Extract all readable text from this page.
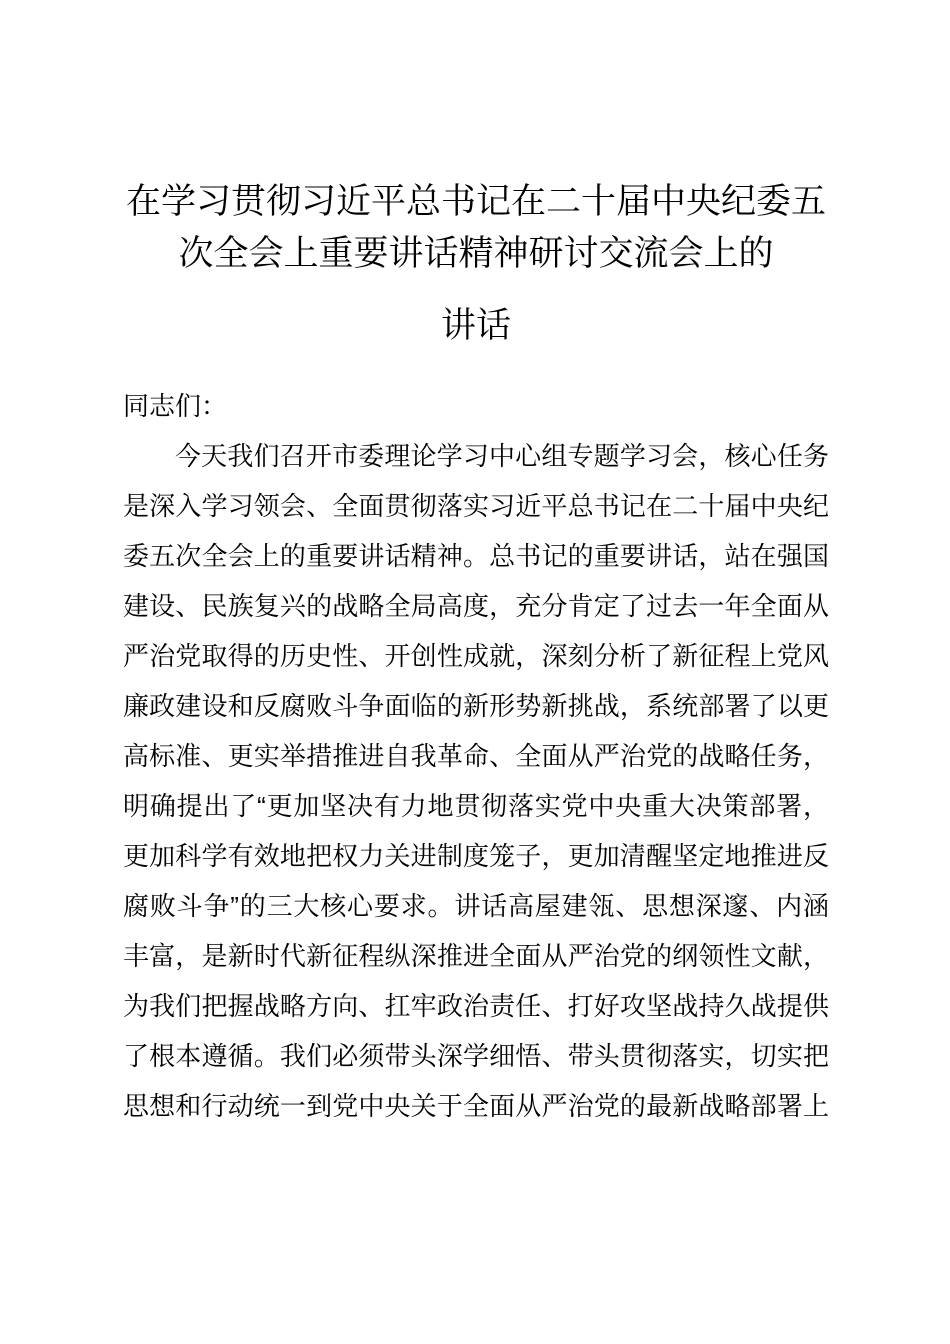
在学习贯彻习近平总书记在二十届中央纪委五
次全会上重要讲话精神研讨交流会上的
讲话
同志们：
今天我们召开市委理论学习中心组专题学习会，核心任务
是深入学习领会、全面贯彻落实习近平总书记在二十届中央纪
委五次全会上的重要讲话精神。总书记的重要讲话，站在强国
建设、民族复兴的战略全局高度，充分肯定了过去一年全面从
严治党取得的历史性、开创性成就，深刻分析了新征程上党风
廉政建设和反腐败斗争面临的新形势新挑战，系统部署了以更
高标准、更实举措推进自我革命、全面从严治党的战略任务，
明确提出了“更加坚决有力地贯彻落实党中央重大决策部署，
更加科学有效地把权力关进制度笼子，更加清醒坚定地推进反
腐败斗争”的三大核心要求。讲话高屋建瓴、思想深邃、内涵
丰富，是新时代新征程纵深推进全面从严治党的纲领性文献，
为我们把握战略方向、扛牢政治责任、打好攻坚战持久战提供
了根本遵循。我们必须带头深学细悟、带头贯彻落实，切实把
思想和行动统一到党中央关于全面从严治党的最新战略部署上
